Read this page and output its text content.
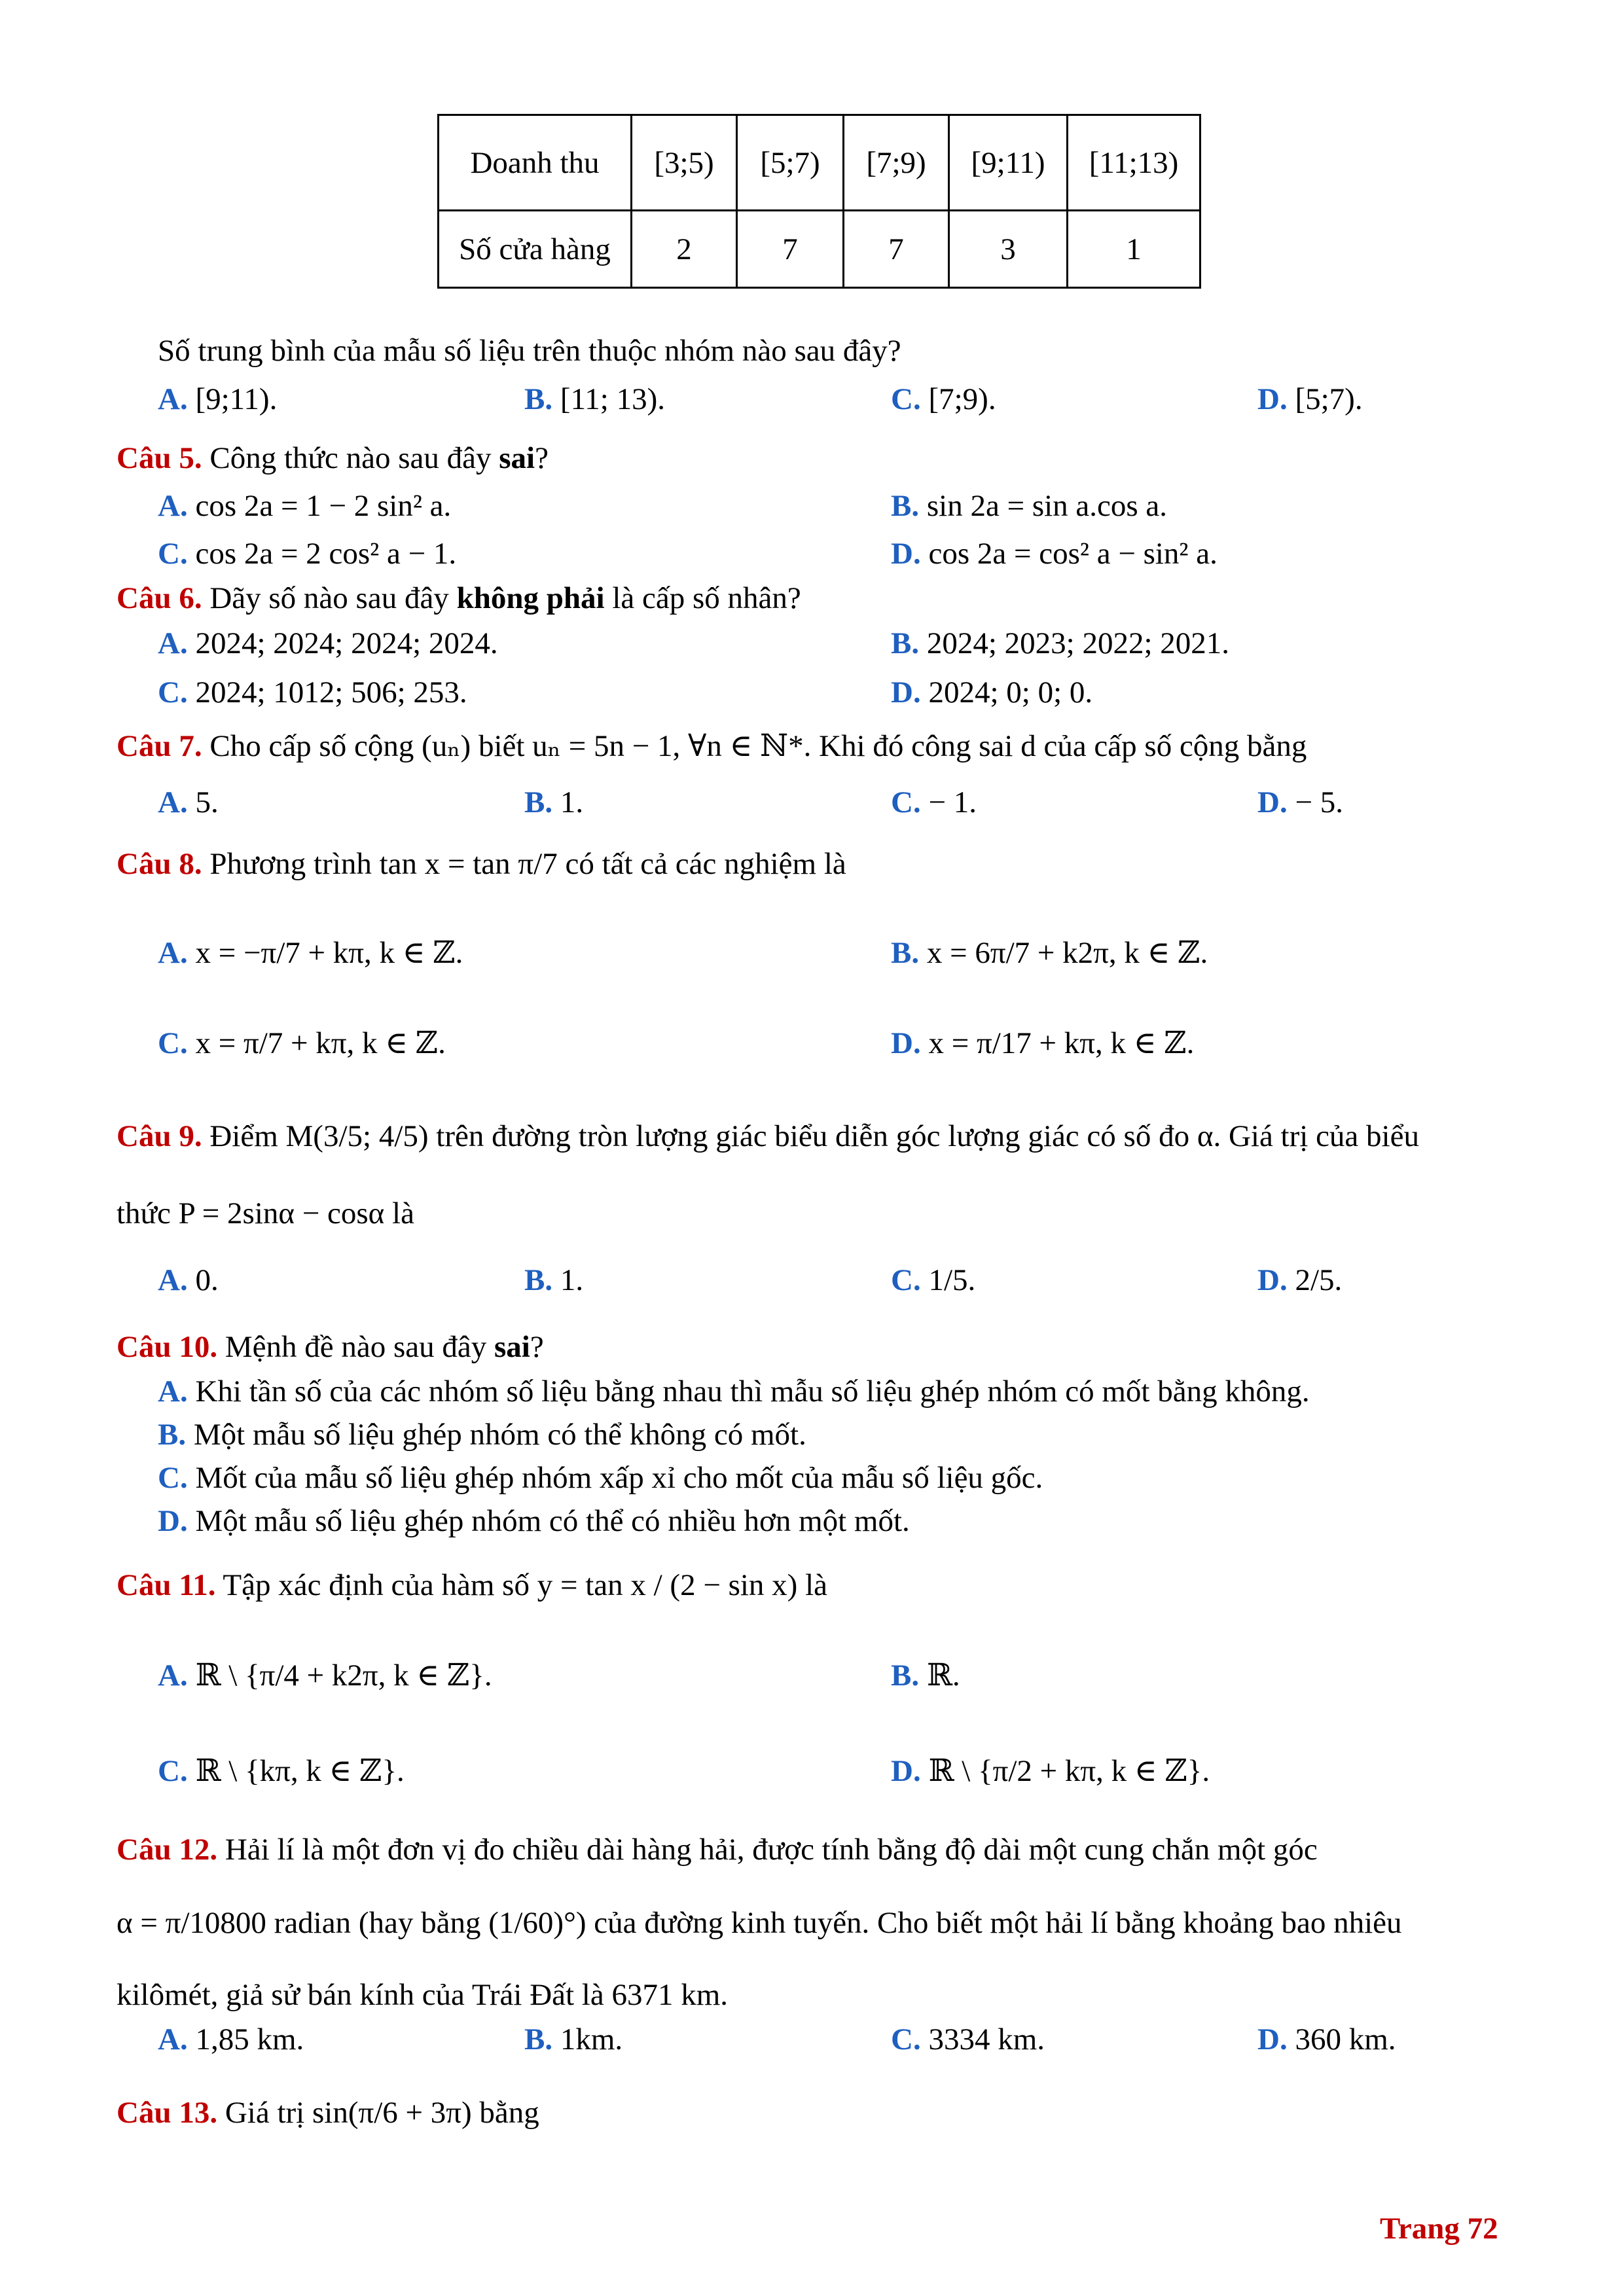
Doanh thu	[3;5)	[5;7)	[7;9)	[9;11)	[11;13)
Số cửa hàng	2	7	7	3	1
Số trung bình của mẫu số liệu trên thuộc nhóm nào sau đây?
A. [9;11).	B. [11; 13).	C. [7;9).	D. [5;7).
Câu 5. Công thức nào sau đây sai?
A. cos 2a = 1 − 2 sin² a.	B. sin 2a = sin a.cos a.
C. cos 2a = 2 cos² a − 1.	D. cos 2a = cos² a − sin² a.
Câu 6. Dãy số nào sau đây không phải là cấp số nhân?
A. 2024; 2024; 2024; 2024.	B. 2024; 2023; 2022; 2021.
C. 2024; 1012; 506; 253.	D. 2024; 0; 0; 0.
Câu 7. Cho cấp số cộng (uₙ) biết uₙ = 5n − 1, ∀n ∈ ℕ*. Khi đó công sai d của cấp số cộng bằng
A. 5.	B. 1.	C. − 1.	D. − 5.
Câu 8. Phương trình tan x = tan π/7 có tất cả các nghiệm là
A. x = −π/7 + kπ, k ∈ ℤ.	B. x = 6π/7 + k2π, k ∈ ℤ.
C. x = π/7 + kπ, k ∈ ℤ.	D. x = π/17 + kπ, k ∈ ℤ.
Câu 9. Điểm M(3/5; 4/5) trên đường tròn lượng giác biểu diễn góc lượng giác có số đo α. Giá trị của biểu
thức P = 2sinα − cosα là
A. 0.	B. 1.	C. 1/5.	D. 2/5.
Câu 10. Mệnh đề nào sau đây sai?
A. Khi tần số của các nhóm số liệu bằng nhau thì mẫu số liệu ghép nhóm có mốt bằng không.
B. Một mẫu số liệu ghép nhóm có thể không có mốt.
C. Mốt của mẫu số liệu ghép nhóm xấp xỉ cho mốt của mẫu số liệu gốc.
D. Một mẫu số liệu ghép nhóm có thể có nhiều hơn một mốt.
Câu 11. Tập xác định của hàm số y = tan x / (2 − sin x) là
A. ℝ \ {π/4 + k2π, k ∈ ℤ}.	B. ℝ.
C. ℝ \ {kπ, k ∈ ℤ}.	D. ℝ \ {π/2 + kπ, k ∈ ℤ}.
Câu 12. Hải lí là một đơn vị đo chiều dài hàng hải, được tính bằng độ dài một cung chắn một góc
α = π/10800 radian (hay bằng (1/60)°) của đường kinh tuyến. Cho biết một hải lí bằng khoảng bao nhiêu
kilômét, giả sử bán kính của Trái Đất là 6371 km.
A. 1,85 km.	B. 1km.	C. 3334 km.	D. 360 km.
Câu 13. Giá trị sin(π/6 + 3π) bằng
Trang 72
